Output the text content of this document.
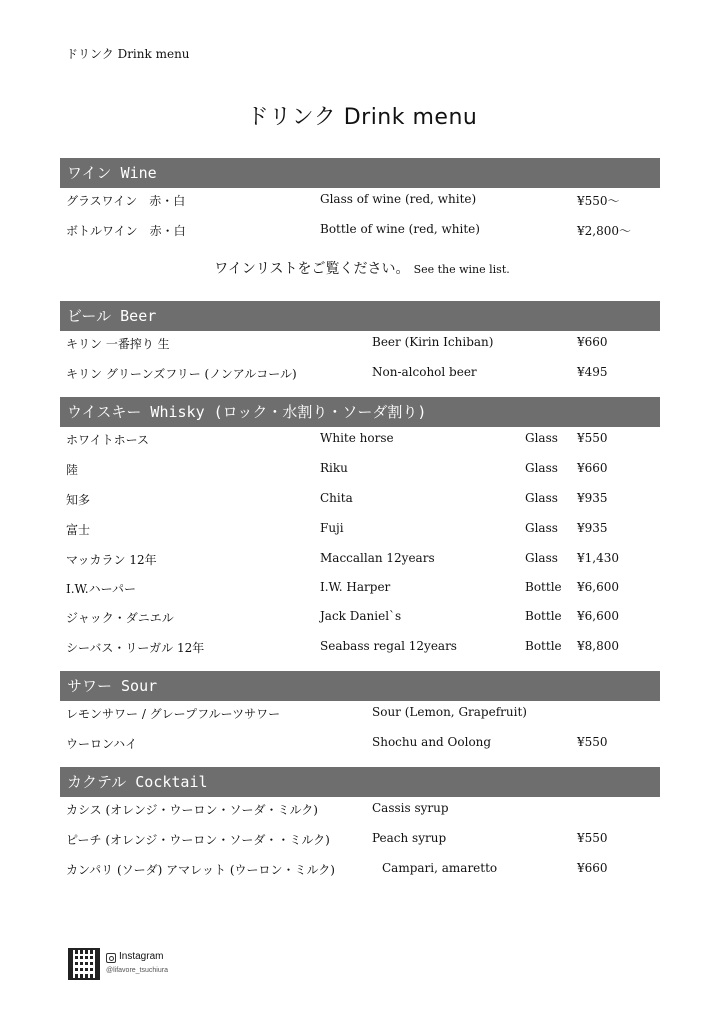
ドリンク Drink menu
ドリンク Drink menu
ワイン Wine
グラスワイン　赤・白	Glass of wine (red, white)	¥550～
ボトルワイン　赤・白	Bottle of wine (red, white)	¥2,800～
ワインリストをご覧ください。 See the wine list.
ビール Beer
キリン 一番搾り 生	Beer (Kirin Ichiban)	¥660
キリン グリーンズフリー (ノンアルコール)	Non-alcohol beer	¥495
ウイスキー Whisky (ロック・水割り・ソーダ割り)
ホワイトホース	White horse	Glass ¥550
陸	Riku	Glass ¥660
知多	Chita	Glass ¥935
富士	Fuji	Glass ¥935
マッカラン 12年	Maccallan 12years	Glass ¥1,430
I.W.ハーパー	I.W. Harper	Bottle ¥6,600
ジャック・ダニエル	Jack Daniel`s	Bottle ¥6,600
シーバス・リーガル 12年	Seabass regal 12years	Bottle ¥8,800
サワー Sour
レモンサワー / グレープフルーツサワー	Sour (Lemon, Grapefruit)
ウーロンハイ	Shochu and Oolong	¥550
カクテル Cocktail
カシス (オレンジ・ウーロン・ソーダ・ミルク)	Cassis syrup
ピーチ (オレンジ・ウーロン・ソーダ・・ミルク)	Peach syrup	¥550
カンパリ (ソーダ) アマレット (ウーロン・ミルク)	Campari, amaretto	¥660
Instagram
@lifavore_tsuchiura
